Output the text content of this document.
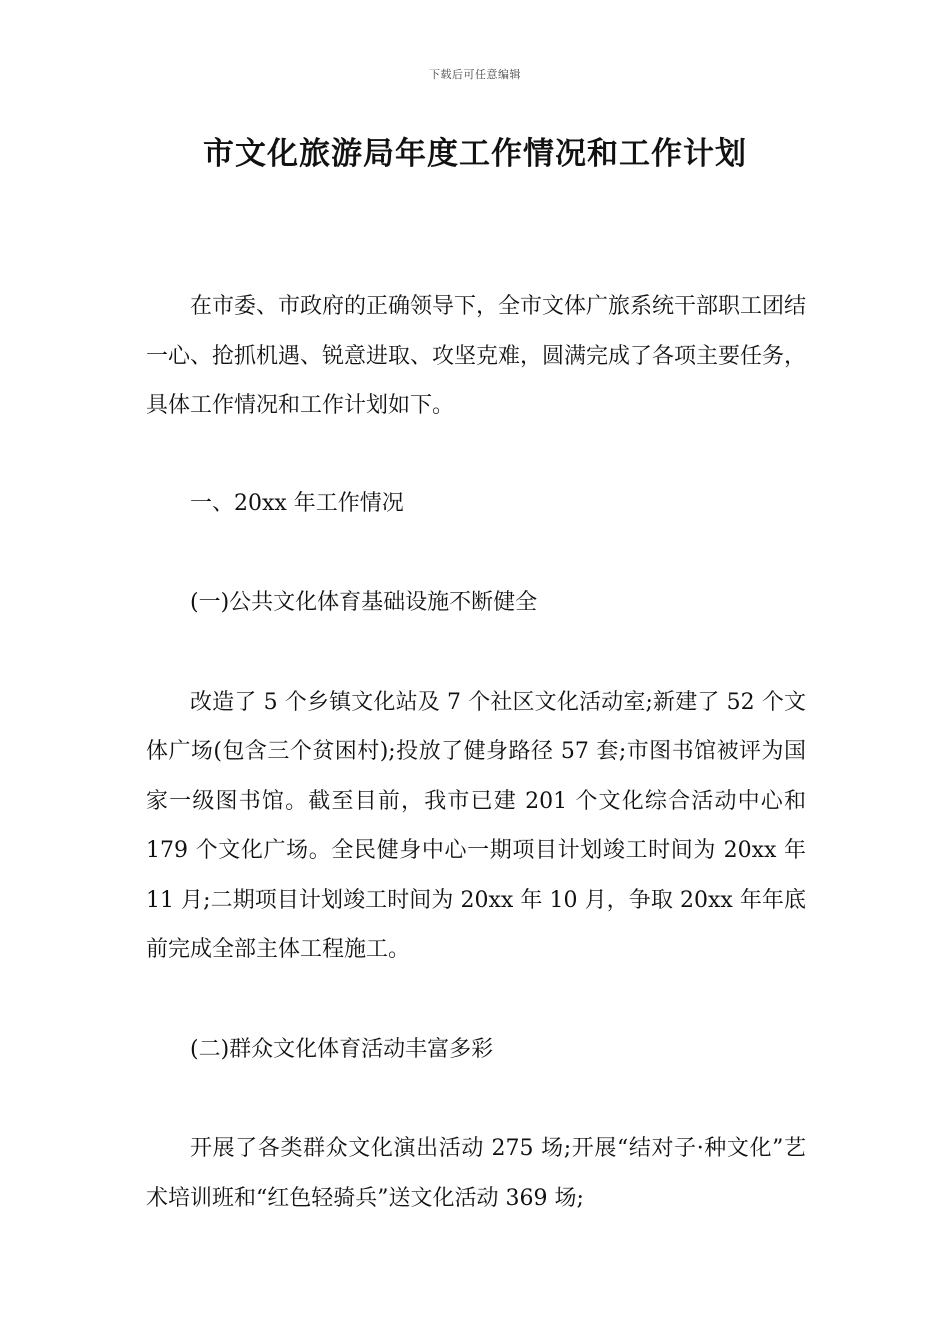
下载后可任意编辑
市文化旅游局年度工作情况和工作计划

在市委、市政府的正确领导下，全市文体广旅系统干部职工团结一心、抢抓机遇、锐意进取、攻坚克难，圆满完成了各项主要任务，具体工作情况和工作计划如下。

一、20xx 年工作情况

(一)公共文化体育基础设施不断健全

改造了 5 个乡镇文化站及 7 个社区文化活动室;新建了 52 个文体广场(包含三个贫困村);投放了健身路径 57 套;市图书馆被评为国家一级图书馆。截至目前，我市已建 201 个文化综合活动中心和 179 个文化广场。全民健身中心一期项目计划竣工时间为 20xx 年 11 月;二期项目计划竣工时间为 20xx 年 10 月，争取 20xx 年年底前完成全部主体工程施工。

(二)群众文化体育活动丰富多彩

开展了各类群众文化演出活动 275 场;开展“结对子·种文化”艺术培训班和“红色轻骑兵”送文化活动 369 场;
